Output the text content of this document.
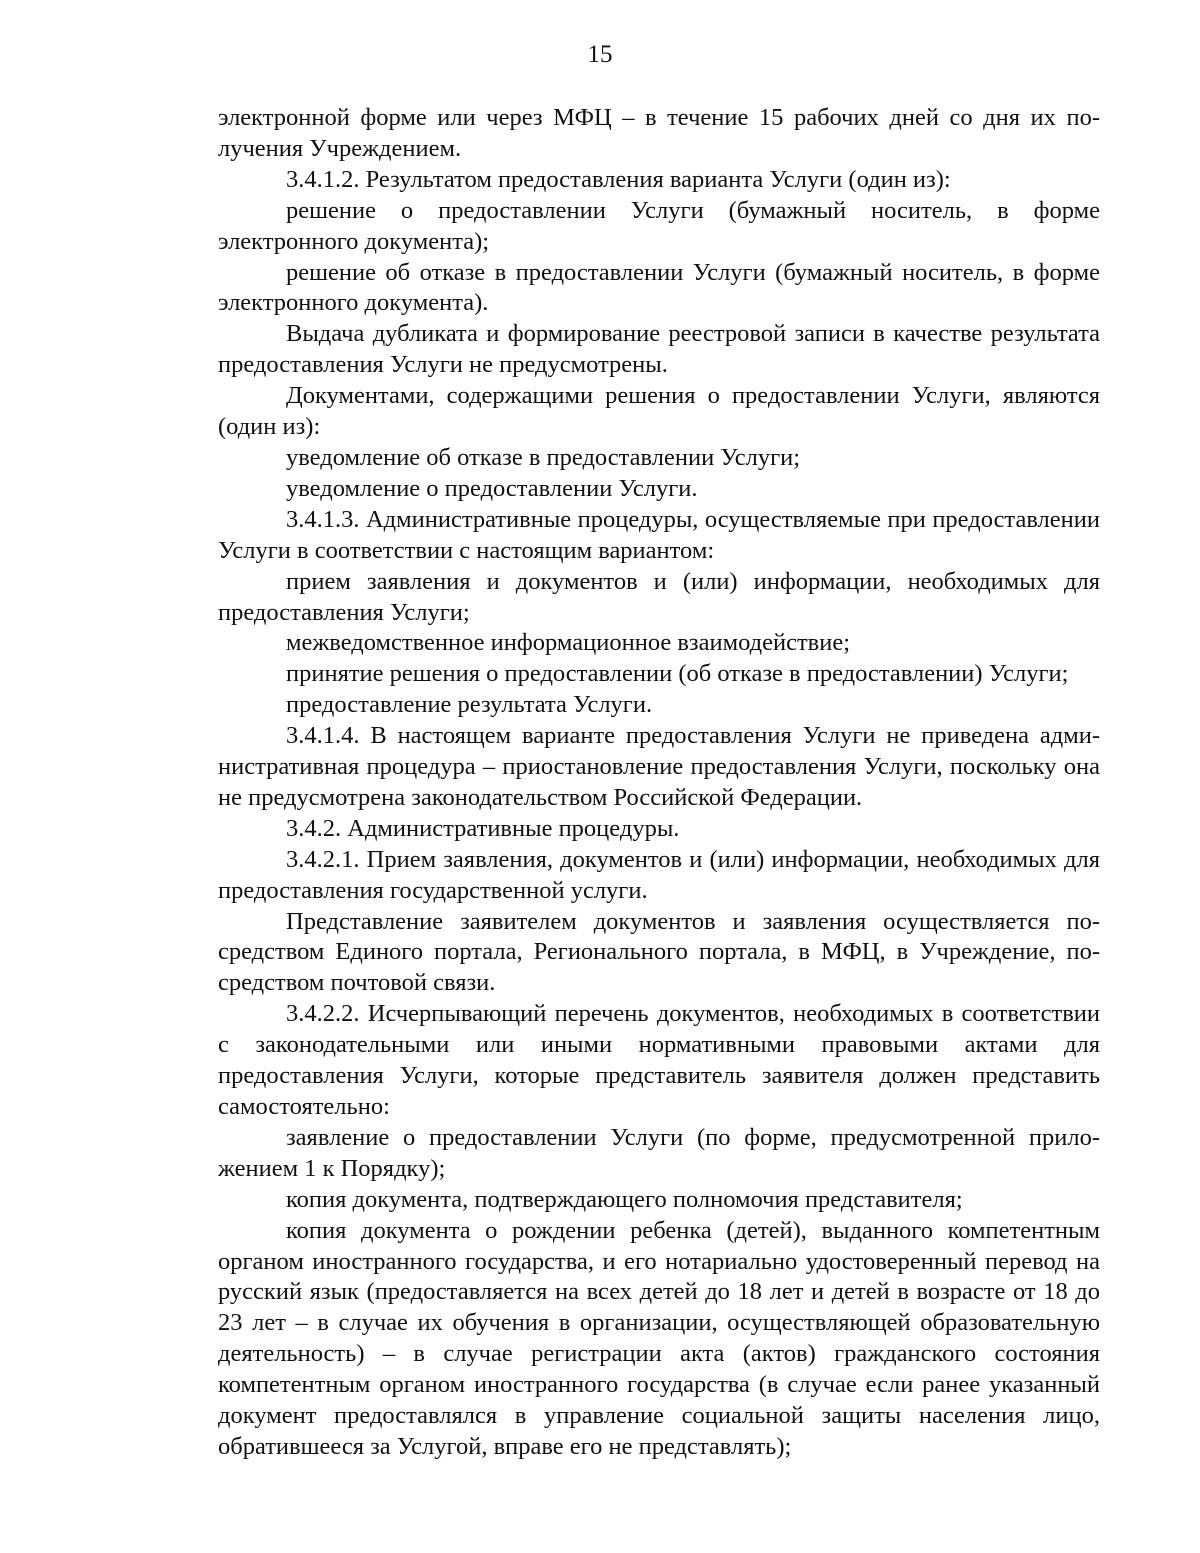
15

электронной форме или через МФЦ – в течение 15 рабочих дней со дня их получения Учреждением.

3.4.1.2. Результатом предоставления варианта Услуги (один из):

решение о предоставлении Услуги (бумажный носитель, в форме электронного документа);

решение об отказе в предоставлении Услуги (бумажный носитель, в форме электронного документа).

Выдача дубликата и формирование реестровой записи в качестве результата предоставления Услуги не предусмотрены.

Документами, содержащими решения о предоставлении Услуги, являются (один из):

уведомление об отказе в предоставлении Услуги;

уведомление о предоставлении Услуги.

3.4.1.3. Административные процедуры, осуществляемые при предоставлении Услуги в соответствии с настоящим вариантом:

прием заявления и документов и (или) информации, необходимых для предоставления Услуги;

межведомственное информационное взаимодействие;

принятие решения о предоставлении (об отказе в предоставлении) Услуги;

предоставление результата Услуги.

3.4.1.4. В настоящем варианте предоставления Услуги не приведена административная процедура – приостановление предоставления Услуги, поскольку она не предусмотрена законодательством Российской Федерации.

3.4.2. Административные процедуры.

3.4.2.1. Прием заявления, документов и (или) информации, необходимых для предоставления государственной услуги.

Представление заявителем документов и заявления осуществляется посредством Единого портала, Регионального портала, в МФЦ, в Учреждение, посредством почтовой связи.

3.4.2.2. Исчерпывающий перечень документов, необходимых в соответствии с законодательными или иными нормативными правовыми актами для предоставления Услуги, которые представитель заявителя должен представить самостоятельно:

заявление о предоставлении Услуги (по форме, предусмотренной приложением 1 к Порядку);

копия документа, подтверждающего полномочия представителя;

копия документа о рождении ребенка (детей), выданного компетентным органом иностранного государства, и его нотариально удостоверенный перевод на русский язык (предоставляется на всех детей до 18 лет и детей в возрасте от 18 до 23 лет – в случае их обучения в организации, осуществляющей образовательную деятельность) – в случае регистрации акта (актов) гражданского состояния компетентным органом иностранного государства (в случае если ранее указанный документ предоставлялся в управление социальной защиты населения лицо, обратившееся за Услугой, вправе его не представлять);
